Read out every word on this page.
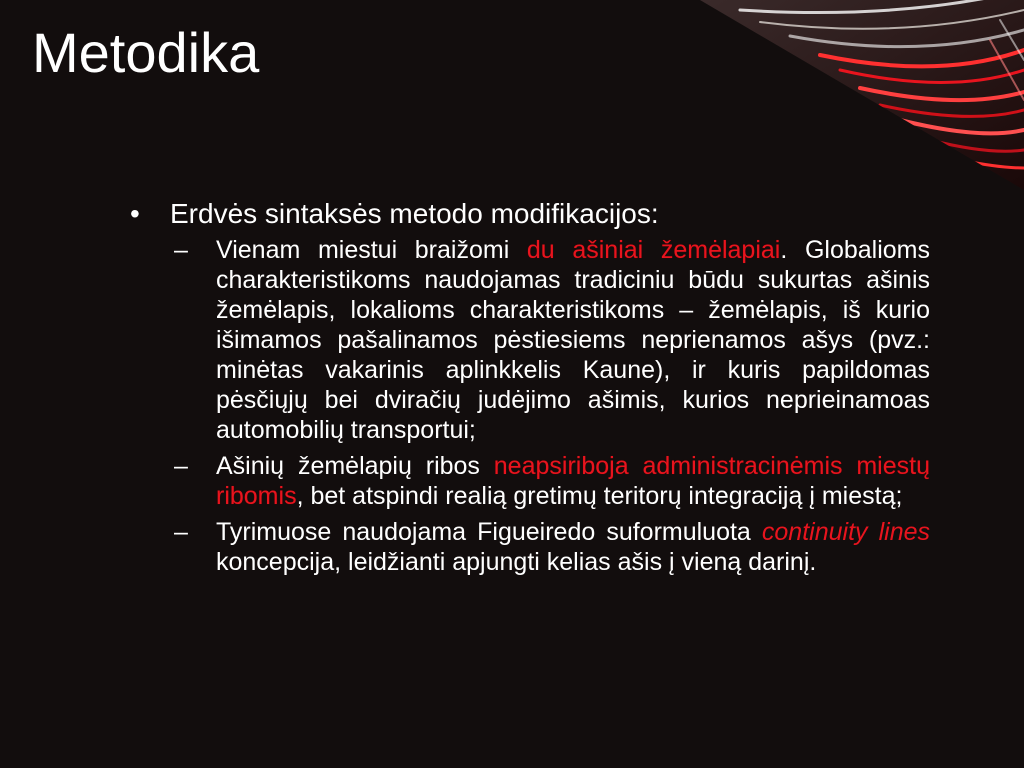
Metodika
•	Erdvės sintaksės metodo modifikacijos:
–	Vienam miestui braižomi du ašiniai žemėlapiai. Globalioms charakteristikoms naudojamas tradiciniu būdu sukurtas ašinis žemėlapis, lokalioms charakteristikoms – žemėlapis, iš kurio išimamos pašalinamos pėstiesiems neprienamos ašys (pvz.: minėtas vakarinis aplinkkelis Kaune), ir kuris papildomas pėsčiųjų bei dviračių judėjimo ašimis, kurios neprieinamoas automobilių transportui;
–	Ašinių žemėlapių ribos neapsiriboja administracinėmis miestų ribomis, bet atspindi realią gretimų teritorų integraciją į miestą;
–	Tyrimuose naudojama Figueiredo suformuluota continuity lines koncepcija, leidžianti apjungti kelias ašis į vieną darinį.
